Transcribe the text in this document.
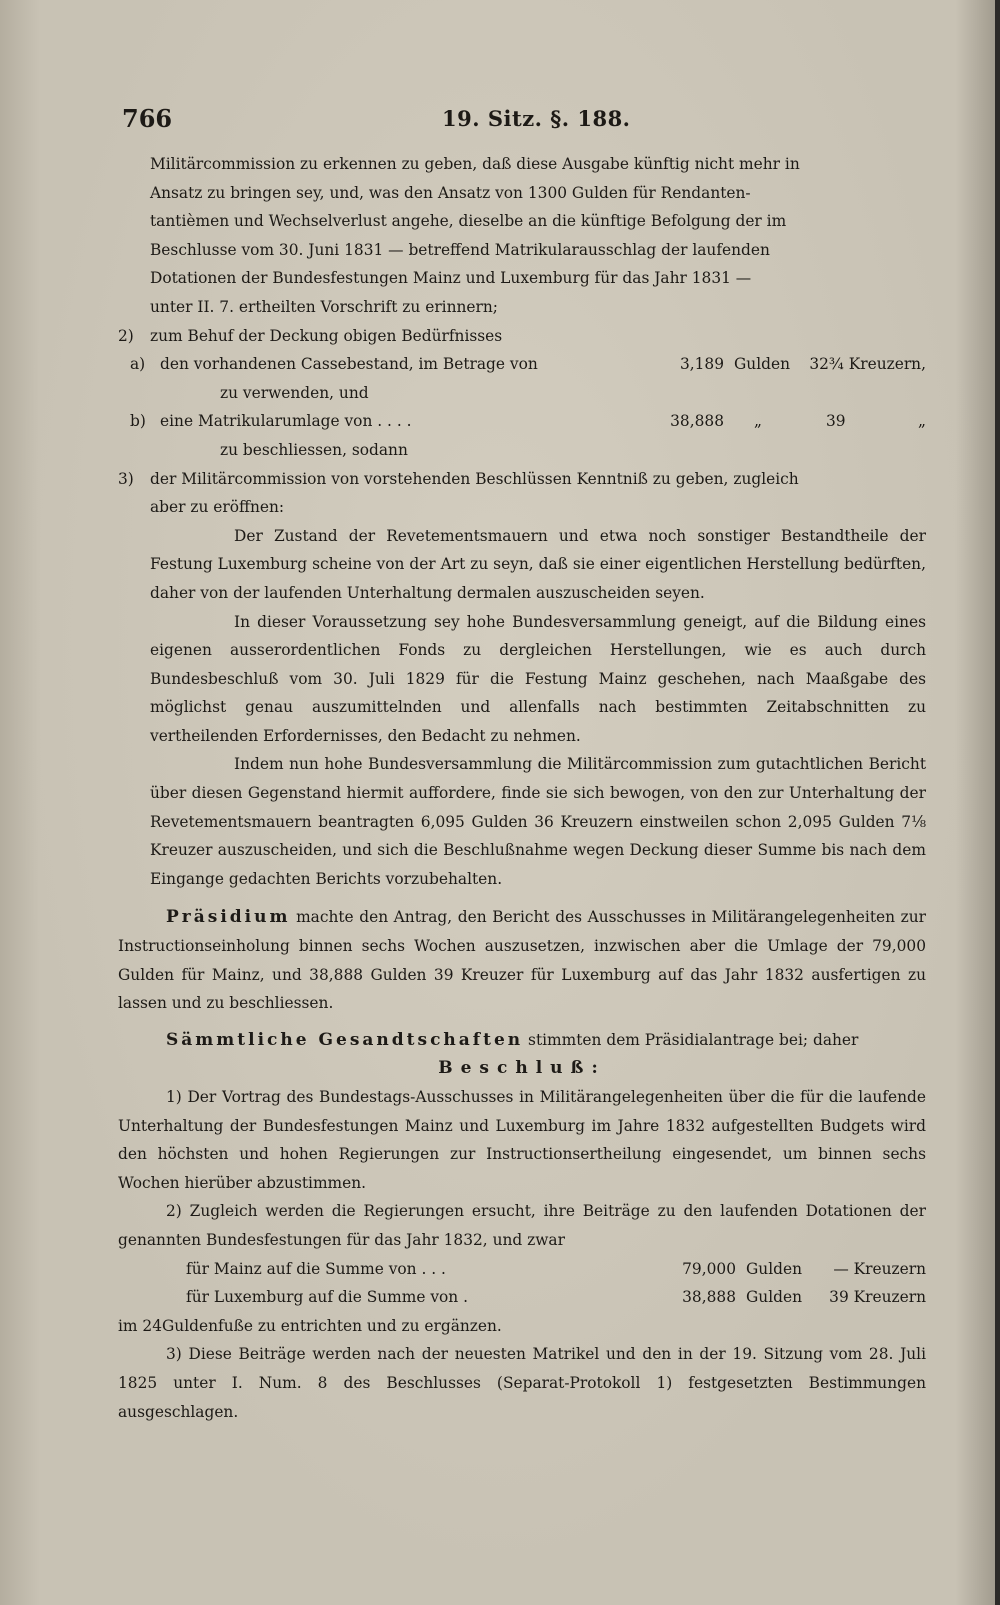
766	19. Sitz. §. 188.

Militärcommission zu erkennen zu geben, daß diese Ausgabe künftig nicht mehr in

Ansatz zu bringen sey, und, was den Ansatz von 1300 Gulden für Rendanten-

tantièmen und Wechselverlust angehe, dieselbe an die künftige Befolgung der im

Beschlusse vom 30. Juni 1831 — betreffend Matrikularausschlag der laufenden

Dotationen der Bundesfestungen Mainz und Luxemburg für das Jahr 1831 —

unter II. 7. ertheilten Vorschrift zu erinnern;

2)	zum Behuf der Deckung obigen Bedürfnisses
a) den vorhandenen Cassebestand, im Betrage von	3,189 Gulden	32¾ Kreuzern,

zu verwenden, und

b) eine Matrikularumlage von . . . .	38,888	„	39	„

zu beschliessen, sodann

3)	der Militärcommission von vorstehenden Beschlüssen Kenntniß zu geben, zugleich

aber zu eröffnen:

Der Zustand der Revetementsmauern und etwa noch sonstiger Bestandtheile der Festung Luxemburg scheine von der Art zu seyn, daß sie einer eigentlichen Herstellung bedürften, daher von der laufenden Unterhaltung dermalen auszuscheiden seyen.

In dieser Voraussetzung sey hohe Bundesversammlung geneigt, auf die Bildung eines eigenen ausserordentlichen Fonds zu dergleichen Herstellungen, wie es auch durch Bundesbeschluß vom 30. Juli 1829 für die Festung Mainz geschehen, nach Maaßgabe des möglichst genau auszumittelnden und allenfalls nach bestimmten Zeitabschnitten zu vertheilenden Erfordernisses, den Bedacht zu nehmen.

Indem nun hohe Bundesversammlung die Militärcommission zum gutachtlichen Bericht über diesen Gegenstand hiermit auffordere, finde sie sich bewogen, von den zur Unterhaltung der Revetementsmauern beantragten 6,095 Gulden 36 Kreuzern einstweilen schon 2,095 Gulden 7⅛ Kreuzer auszuscheiden, und sich die Beschlußnahme wegen Deckung dieser Summe bis nach dem Eingange gedachten Berichts vorzubehalten.

Präsidium machte den Antrag, den Bericht des Ausschusses in Militärangelegenheiten zur Instructionseinholung binnen sechs Wochen auszusetzen, inzwischen aber die Umlage der 79,000 Gulden für Mainz, und 38,888 Gulden 39 Kreuzer für Luxemburg auf das Jahr 1832 ausfertigen zu lassen und zu beschliessen.

Sämmtliche Gesandtschaften stimmten dem Präsidialantrage bei; daher

Beschluß:

1) Der Vortrag des Bundestags-Ausschusses in Militärangelegenheiten über die für die laufende Unterhaltung der Bundesfestungen Mainz und Luxemburg im Jahre 1832 aufgestellten Budgets wird den höchsten und hohen Regierungen zur Instructionsertheilung eingesendet, um binnen sechs Wochen hierüber abzustimmen.

2) Zugleich werden die Regierungen ersucht, ihre Beiträge zu den laufenden Dotationen der genannten Bundesfestungen für das Jahr 1832, und zwar

für Mainz auf die Summe von . . .	79,000 Gulden	— Kreuzern
für Luxemburg auf die Summe von .	38,888 Gulden	39 Kreuzern

im 24Guldenfuße zu entrichten und zu ergänzen.

3) Diese Beiträge werden nach der neuesten Matrikel und den in der 19. Sitzung vom 28. Juli 1825 unter I. Num. 8 des Beschlusses (Separat-Protokoll 1) festgesetzten Bestimmungen ausgeschlagen.
